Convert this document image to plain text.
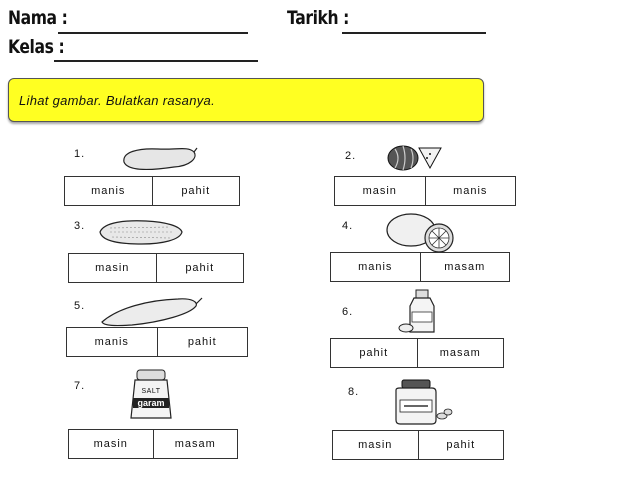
Nama :	Tarikh :
Kelas :
Lihat gambar. Bulatkan rasanya.
1.
manis	pahit
2.
masin	manis
3.
masin	pahit
4.
manis	masam
5.
manis	pahit
6.
pahit	masam
7.	SALT
garam
masin	masam
8.
masin	pahit
